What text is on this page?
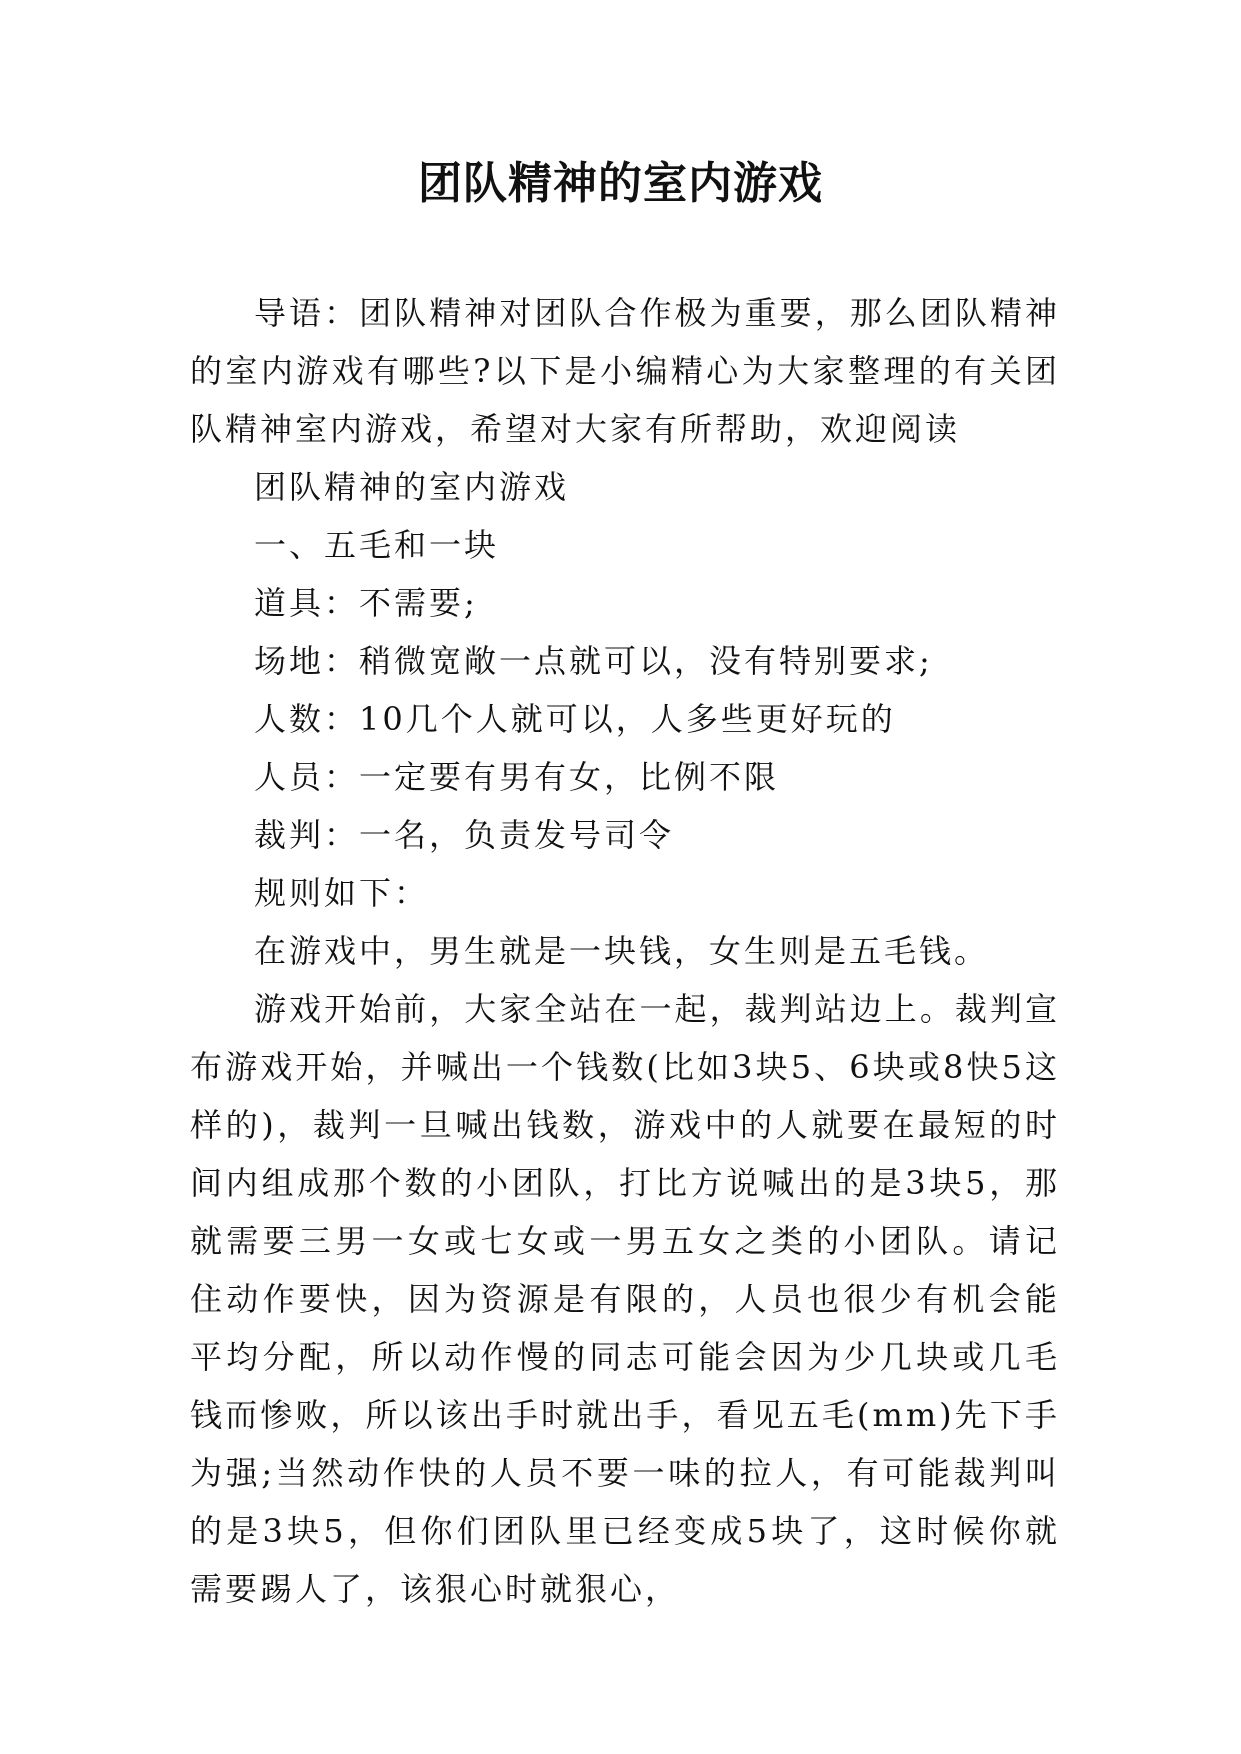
团队精神的室内游戏

导语：团队精神对团队合作极为重要，那么团队精神的室内游戏有哪些?以下是小编精心为大家整理的有关团队精神室内游戏，希望对大家有所帮助，欢迎阅读

团队精神的室内游戏

一、五毛和一块

道具：不需要;

场地：稍微宽敞一点就可以，没有特别要求;

人数：10几个人就可以，人多些更好玩的

人员：一定要有男有女，比例不限

裁判：一名，负责发号司令

规则如下：

在游戏中，男生就是一块钱，女生则是五毛钱。

游戏开始前，大家全站在一起，裁判站边上。裁判宣布游戏开始，并喊出一个钱数(比如3块5、6块或8快5这样的)，裁判一旦喊出钱数，游戏中的人就要在最短的时间内组成那个数的小团队，打比方说喊出的是3块5，那就需要三男一女或七女或一男五女之类的小团队。请记住动作要快，因为资源是有限的，人员也很少有机会能平均分配，所以动作慢的同志可能会因为少几块或几毛钱而惨败，所以该出手时就出手，看见五毛(mm)先下手为强;当然动作快的人员不要一味的拉人，有可能裁判叫的是3块5，但你们团队里已经变成5块了，这时候你就需要踢人了，该狠心时就狠心，
